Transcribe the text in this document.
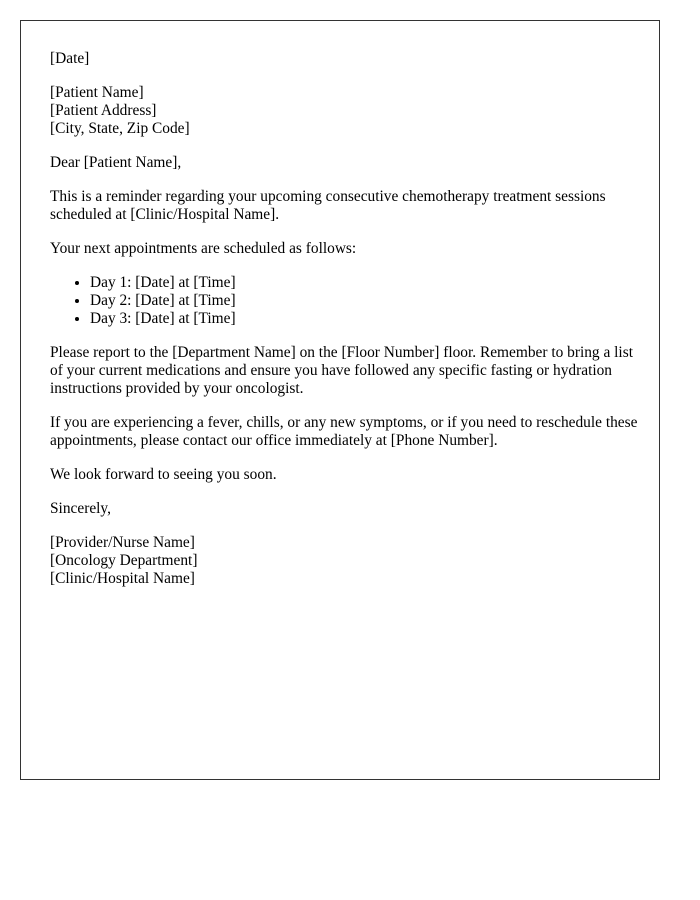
[Date]
[Patient Name]
[Patient Address]
[City, State, Zip Code]

Dear [Patient Name],

This is a reminder regarding your upcoming consecutive chemotherapy treatment sessions scheduled at [Clinic/Hospital Name].

Your next appointments are scheduled as follows:

• Day 1: [Date] at [Time]
• Day 2: [Date] at [Time]
• Day 3: [Date] at [Time]

Please report to the [Department Name] on the [Floor Number] floor. Remember to bring a list of your current medications and ensure you have followed any specific fasting or hydration instructions provided by your oncologist.

If you are experiencing a fever, chills, or any new symptoms, or if you need to reschedule these appointments, please contact our office immediately at [Phone Number].

We look forward to seeing you soon.

Sincerely,

[Provider/Nurse Name]
[Oncology Department]
[Clinic/Hospital Name]
